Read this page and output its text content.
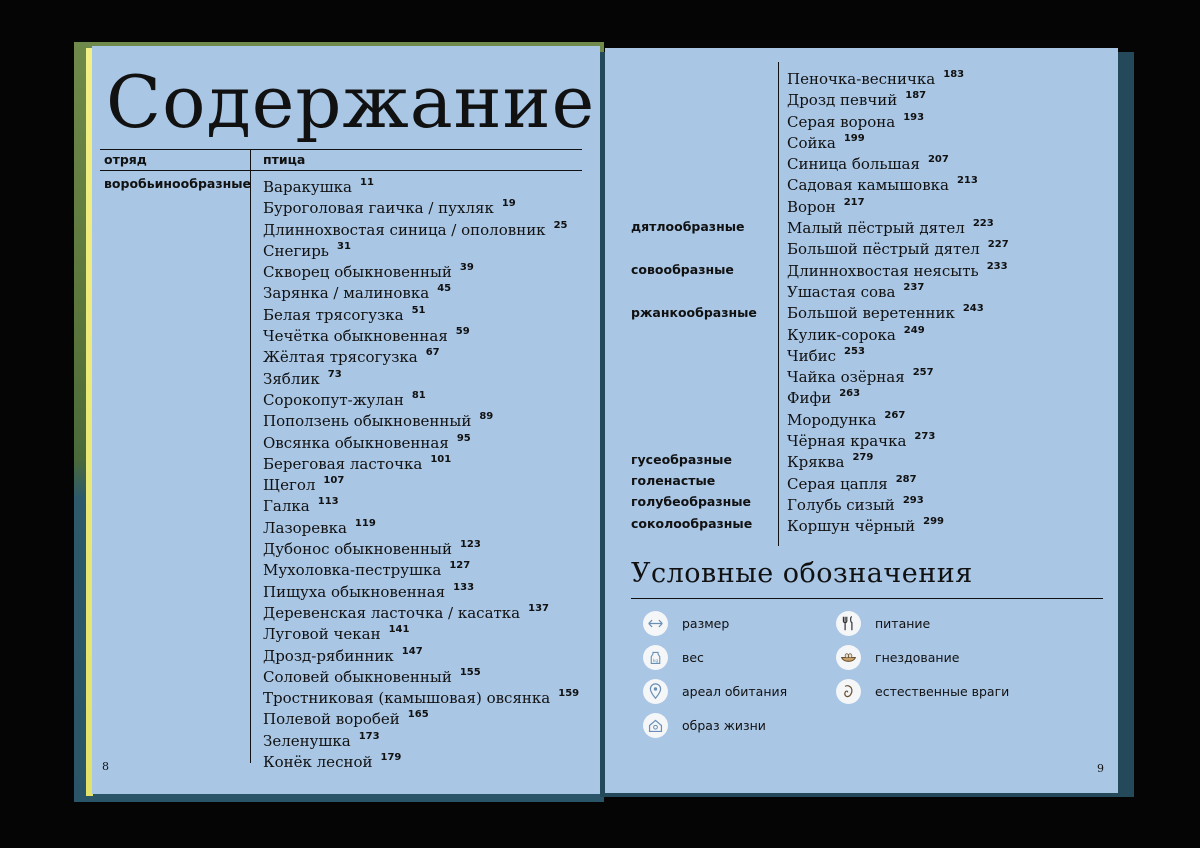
Содержание
отряд	птица
воробьинообразные Варакушка $^{11}$
Буроголовая гаичка / пухляк $^{19}$
Длиннохвостая синица / ополовник $^{25}$
Снегирь $^{31}$
Скворец обыкновенный $^{39}$
Зарянка / малиновка $^{45}$
Белая трясогузка $^{51}$
Чечётка обыкновенная $^{59}$
Жёлтая трясогузка $^{67}$
Зяблик $^{73}$
Сорокопут-жулан $^{81}$
Поползень обыкновенный $^{89}$
Овсянка обыкновенная $^{95}$
Береговая ласточка $^{101}$
Щегол $^{107}$
Галка $^{113}$
Лазоревка $^{119}$
Дубонос обыкновенный $^{123}$
Мухоловка-пеструшка $^{127}$
Пищуха обыкновенная $^{133}$
Деревенская ласточка / касатка $^{137}$
Луговой чекан $^{141}$
Дрозд-рябинник $^{147}$
Соловей обыкновенный $^{155}$
Тростниковая (камышовая) овсянка $^{159}$
Полевой воробей $^{165}$
Зеленушка $^{173}$
Конёк лесной $^{179}$
8
дятлообразные
совообразные
ржанкообразные
гусеобразные
голенастые
голубеобразные
соколообразные
Пеночка-весничка $^{183}$
Дрозд певчий $^{187}$
Серая ворона $^{193}$
Сойка $^{199}$
Синица большая $^{207}$
Садовая камышовка $^{213}$
Ворон $^{217}$
Малый пёстрый дятел $^{223}$
Большой пёстрый дятел $^{227}$
Длиннохвостая неясыть $^{233}$
Ушастая сова $^{237}$
Большой веретенник $^{243}$
Кулик-сорока $^{249}$
Чибис $^{253}$
Чайка озёрная $^{257}$
Фифи $^{263}$
Мородунка $^{267}$
Чёрная крачка $^{273}$
Кряква $^{279}$
Серая цапля $^{287}$
Голубь сизый $^{293}$
Коршун чёрный $^{299}$
Условные обозначения
размер
kg вес
ареал обитания
образ жизни
питание
гнездование
естественные враги
9
